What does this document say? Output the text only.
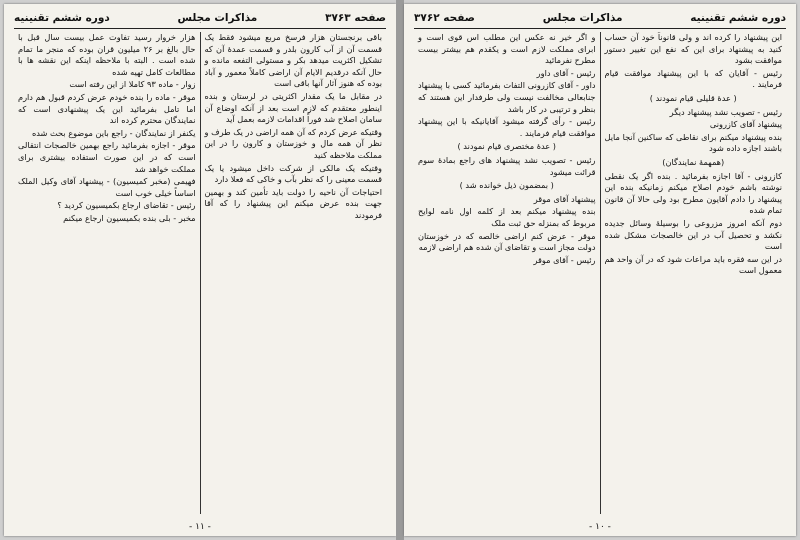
صفحه ۳۷۶۳
مذاکرات مجلس
دوره ششم تقنینیه

باقی برنجستان هزار فرسخ مربع میشود فقط یک قسمت آن از آب کارون بلدر و قسمت عمدهٔ آن که تشکیل اکثریت میدهد بکر و مستولی التفعه مانده و حال آنکه درقدیم الایام آن اراضی کاملاً معمور و آباد بوده که هنوز آثار آنها باقی است

در مقابل ما یک مقدار اکثریتی در لرستان و بنده اینطور معتقدم که لازم است بعد از آنکه اوضاع آن سامان اصلاح شد فوراً اقدامات لازمه بعمل آید

وقتیکه عرض کردم که آن همه اراضی در یک طرف و نظر آن همه مال و خوزستان و کارون را در این مملکت ملاحظه کنید

وقتیکه یک مالکی از شرکت داخل میشود یا یک قسمت معینی را که نظر بآب و خاکی که فعلا دارد

احتیاجات آن ناحیه را دولت باید تأمین کند و بهمین جهت بنده عرض میکنم این پیشنهاد را که آقا فرمودند

هزار خروار رسید تفاوت عمل بیست سال قبل با حال بالغ بر ۲۶ میلیون قران بوده که منجر ما تمام شده است . البته با ملاحظه اینکه این نقشه ها با مطالعات کامل تهیه شده

زوار - ماده ۹۳ کاملا از این رفته است

موقر - ماده را بنده خودم عرض کردم قبول هم دارم اما تامل بفرمائید این یک پیشنهادی است که نمایندگان محترم کرده اند

یکنفر از نمایندگان - راجع باین موضوع بحث شده

موقر - اجازه بفرمائید راجع بهمین خالصجات انتقالی است که در این صورت استفاده بیشتری برای مملکت خواهد شد

فهیمی (مخبر کمیسیون) - پیشنهاد آقای وکیل الملک اساساً خیلی خوب است

رئیس - تقاضای ارجاع بکمیسیون کردید ؟

مخبر - بلی بنده بکمیسیون ارجاع میکنم

- ۱۱ -
دوره ششم تقنینیه
مذاکرات مجلس
صفحه ۳۷۶۲

این پیشنهاد را کرده اند و ولی قانوناً خود آن حساب کنید به پیشنهاد برای این که نفع این تغییر دستور موافقت بشود

رئیس - آقایان که با این پیشنهاد موافقت قیام فرمایند .

( عدهٔ قلیلی قیام نمودند )

رئیس - تصویب نشد پیشنهاد دیگر

پیشنهاد آقای کازرونی

بنده پیشنهاد میکنم برای نقاطی که ساکنین آنجا مایل باشند اجازه داده شود

(همهمهٔ نمایندگان)

کازرونی - آقا اجازه بفرمائید . بنده اگر یک نقطی نوشته باشم خودم اصلاح میکنم زمانیکه بنده این پیشنهاد را دادم آقایون مطرح بود ولی حالا آن قانون تمام شده

دوم آنکه امروز مزروعی را بوسیلهٔ وسائل جدیده نکشد و تحصیل آب در این خالصجات مشکل شده است

در این سه فقره باید مراعات شود که در آن واحد هم معمول است

و اگر خیر نه عکس این مطلب اس قوی است و ابرای مملکت لازم است و یکقدم هم بیشتر بیست مطرح نفرمائید

رئیس - آقای داور

داور - آقای کازرونی التفات بفرمائید کسی با پیشنهاد جنابعالی مخالفت نیست ولی طرفدار این هستند که بنظر و ترتیبی در کار باشد

رئیس - رأی گرفته میشود آقایانیکه با این پیشنهاد موافقت قیام فرمایند .

( عدهٔ مختصری قیام نمودند )

رئیس - تصویب نشد پیشنهاد های راجع بمادهٔ سوم قرائت میشود

( بمضمون ذیل خوانده شد )

پیشنهاد آقای موقر

بنده پیشنهاد میکنم بعد از کلمه اول نامه لوایح مربوط که بمنزله حق ثبت ملک

موقر - عرض کنم اراضی خالصه که در خوزستان دولت مجاز است و تقاضای آن شده هم اراضی لازمه

رئیس - آقای موقر

- ۱۰ -
